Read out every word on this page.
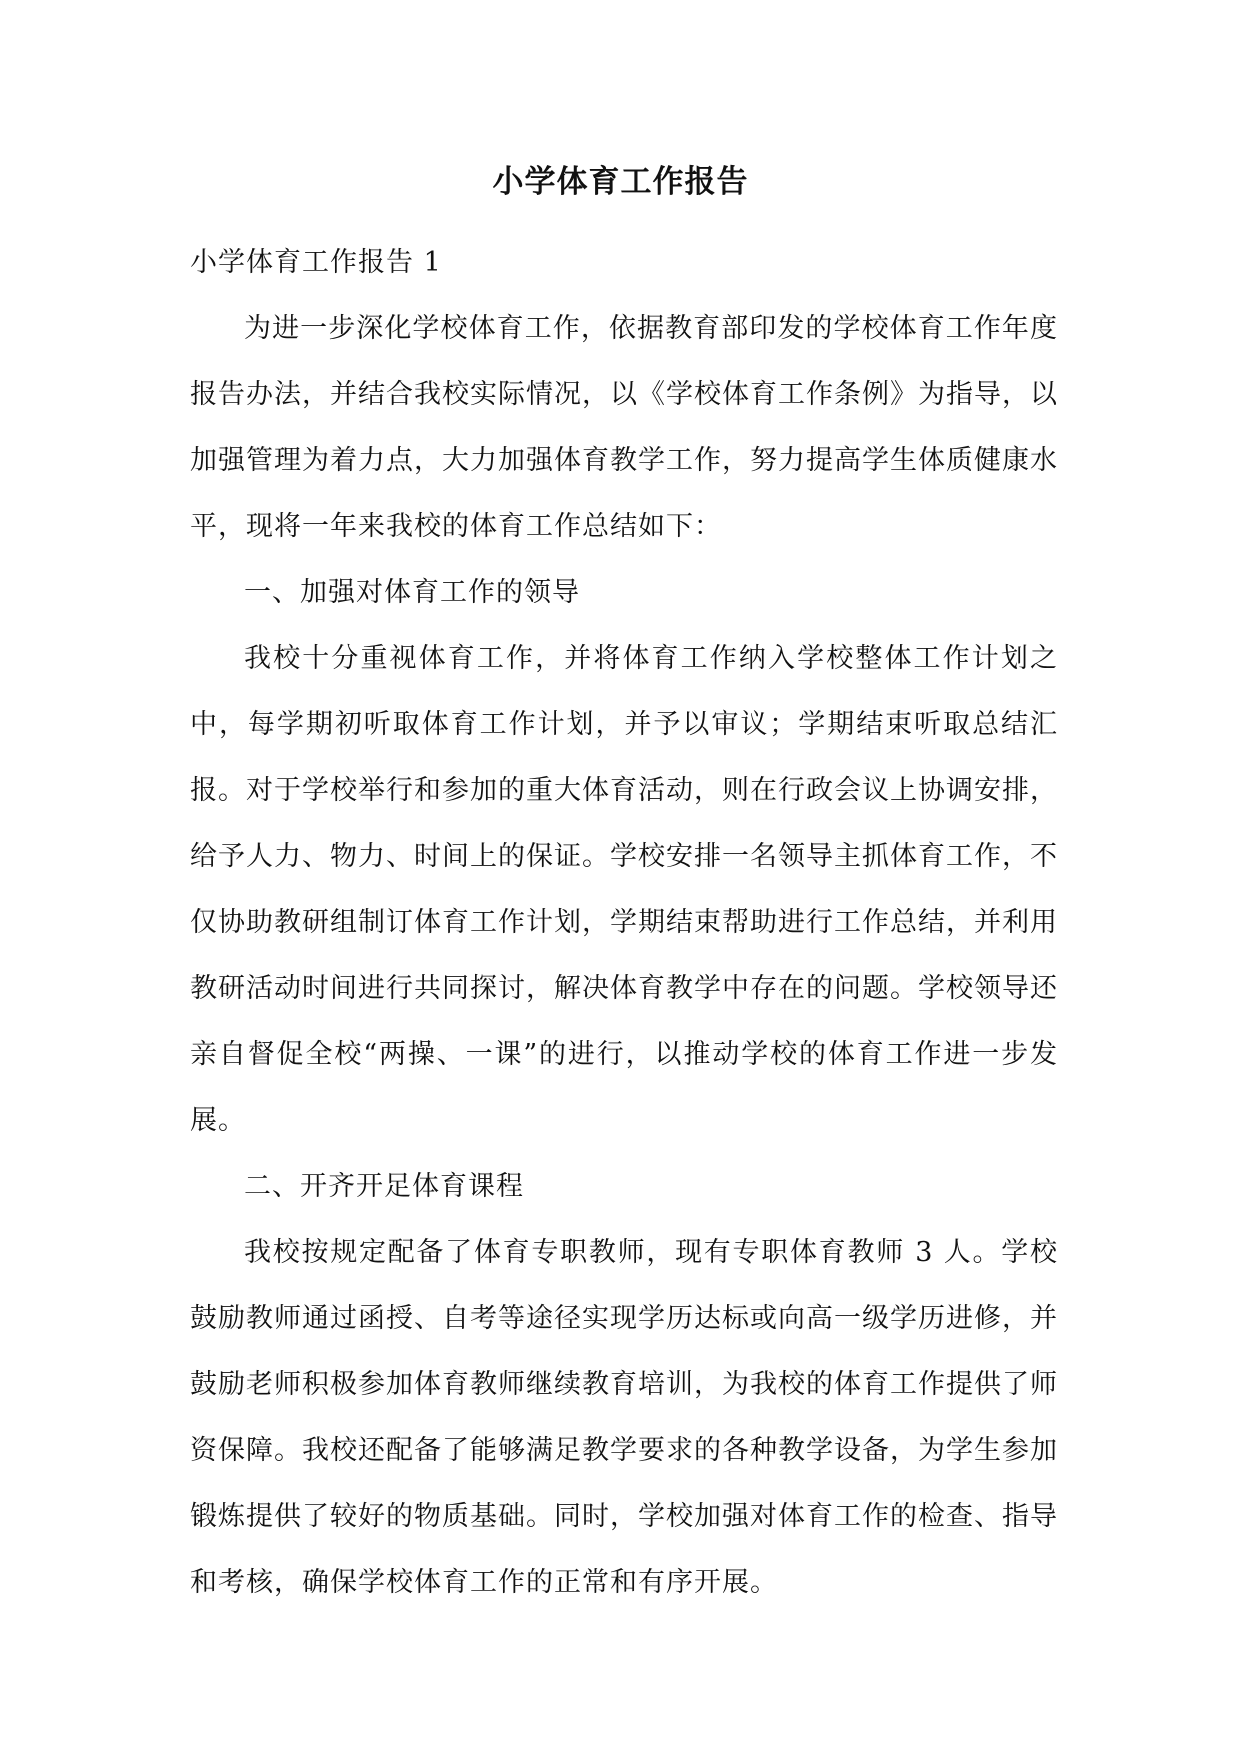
小学体育工作报告

小学体育工作报告 1

为进一步深化学校体育工作，依据教育部印发的学校体育工作年度报告办法，并结合我校实际情况，以《学校体育工作条例》为指导，以加强管理为着力点，大力加强体育教学工作，努力提高学生体质健康水平，现将一年来我校的体育工作总结如下：

一、加强对体育工作的领导

我校十分重视体育工作，并将体育工作纳入学校整体工作计划之中，每学期初听取体育工作计划，并予以审议；学期结束听取总结汇报。对于学校举行和参加的重大体育活动，则在行政会议上协调安排，给予人力、物力、时间上的保证。学校安排一名领导主抓体育工作，不仅协助教研组制订体育工作计划，学期结束帮助进行工作总结，并利用教研活动时间进行共同探讨，解决体育教学中存在的问题。学校领导还亲自督促全校“两操、一课”的进行，以推动学校的体育工作进一步发展。

二、开齐开足体育课程

我校按规定配备了体育专职教师，现有专职体育教师 3 人。学校鼓励教师通过函授、自考等途径实现学历达标或向高一级学历进修，并鼓励老师积极参加体育教师继续教育培训，为我校的体育工作提供了师资保障。我校还配备了能够满足教学要求的各种教学设备，为学生参加锻炼提供了较好的物质基础。同时，学校加强对体育工作的检查、指导和考核，确保学校体育工作的正常和有序开展。
